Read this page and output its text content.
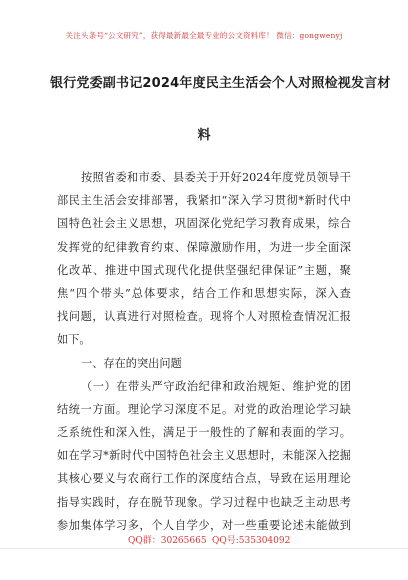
关注头条号“公文研究”，获得最新最全最专业的公文资料库！ 微信：gongwenyj
银行党委副书记2024年度民主生活会个人对照检视发言材
料
按照省委和市委、县委关于开好2024年度党员领导干
部民主生活会安排部署，我紧扣“深入学习贯彻*新时代中
国特色社会主义思想，巩固深化党纪学习教育成果，综合
发挥党的纪律教育约束、保障激励作用，为进一步全面深
化改革、推进中国式现代化提供坚强纪律保证”主题，聚
焦“四个带头”总体要求，结合工作和思想实际，深入查
找问题，认真进行对照检查。现将个人对照检查情况汇报
如下。
一、存在的突出问题
（一）在带头严守政治纪律和政治规矩、维护党的团
结统一方面。理论学习深度不足。对党的政治理论学习缺
乏系统性和深入性，满足于一般性的了解和表面的学习。
如在学习*新时代中国特色社会主义思想时，未能深入挖掘
其核心要义与农商行工作的深度结合点，导致在运用理论
指导实践时，存在脱节现象。学习过程中也缺乏主动思考
参加集体学习多，个人自学少，对一些重要论述未能做到
QQ群：30265665 QQ号:535304092
